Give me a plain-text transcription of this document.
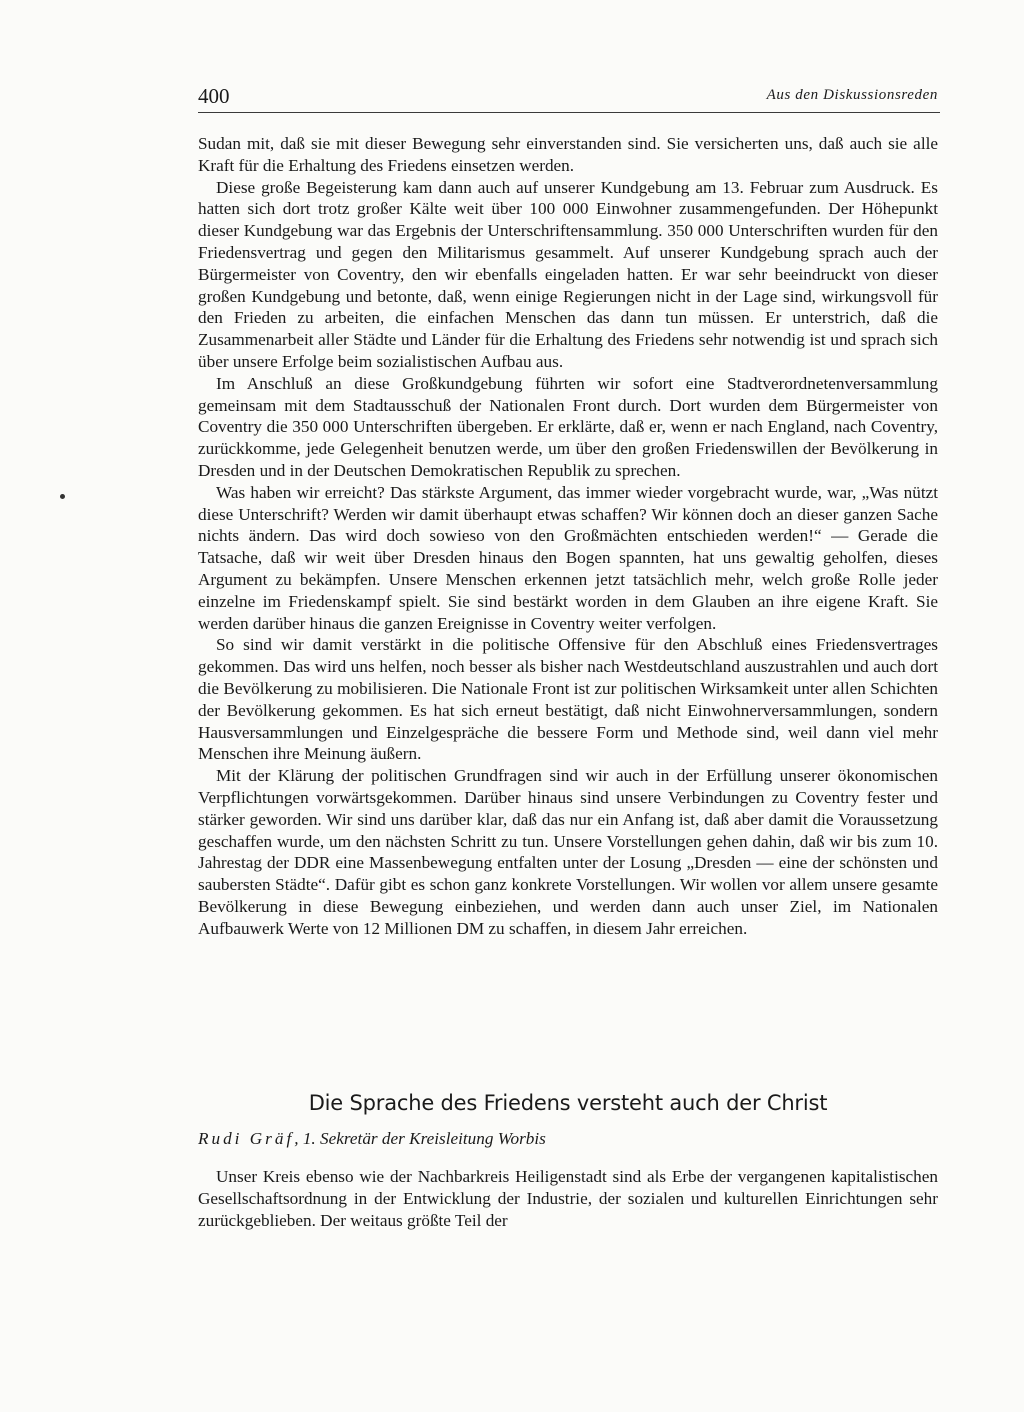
400	Aus den Diskussionsreden

Sudan mit, daß sie mit dieser Bewegung sehr einverstanden sind. Sie versicherten uns, daß auch sie alle Kraft für die Erhaltung des Friedens einsetzen werden.

Diese große Begeisterung kam dann auch auf unserer Kundgebung am 13. Februar zum Ausdruck. Es hatten sich dort trotz großer Kälte weit über 100 000 Einwohner zusammengefunden. Der Höhepunkt dieser Kundgebung war das Ergebnis der Unterschriftensammlung. 350 000 Unterschriften wurden für den Friedensvertrag und gegen den Militarismus gesammelt. Auf unserer Kundgebung sprach auch der Bürgermeister von Coventry, den wir ebenfalls eingeladen hatten. Er war sehr beeindruckt von dieser großen Kundgebung und betonte, daß, wenn einige Regierungen nicht in der Lage sind, wirkungsvoll für den Frieden zu arbeiten, die einfachen Menschen das dann tun müssen. Er unterstrich, daß die Zusammenarbeit aller Städte und Länder für die Erhaltung des Friedens sehr notwendig ist und sprach sich über unsere Erfolge beim sozialistischen Aufbau aus.

Im Anschluß an diese Großkundgebung führten wir sofort eine Stadtverordnetenversammlung gemeinsam mit dem Stadtausschuß der Nationalen Front durch. Dort wurden dem Bürgermeister von Coventry die 350 000 Unterschriften übergeben. Er erklärte, daß er, wenn er nach England, nach Coventry, zurückkomme, jede Gelegenheit benutzen werde, um über den großen Friedenswillen der Bevölkerung in Dresden und in der Deutschen Demokratischen Republik zu sprechen.

Was haben wir erreicht? Das stärkste Argument, das immer wieder vorgebracht wurde, war, „Was nützt diese Unterschrift? Werden wir damit überhaupt etwas schaffen? Wir können doch an dieser ganzen Sache nichts ändern. Das wird doch sowieso von den Großmächten entschieden werden!“ — Gerade die Tatsache, daß wir weit über Dresden hinaus den Bogen spannten, hat uns gewaltig geholfen, dieses Argument zu bekämpfen. Unsere Menschen erkennen jetzt tatsächlich mehr, welch große Rolle jeder einzelne im Friedenskampf spielt. Sie sind bestärkt worden in dem Glauben an ihre eigene Kraft. Sie werden darüber hinaus die ganzen Ereignisse in Coventry weiter verfolgen.

So sind wir damit verstärkt in die politische Offensive für den Abschluß eines Friedensvertrages gekommen. Das wird uns helfen, noch besser als bisher nach Westdeutschland auszustrahlen und auch dort die Bevölkerung zu mobilisieren. Die Nationale Front ist zur politischen Wirksamkeit unter allen Schichten der Bevölkerung gekommen. Es hat sich erneut bestätigt, daß nicht Einwohnerversammlungen, sondern Hausversammlungen und Einzelgespräche die bessere Form und Methode sind, weil dann viel mehr Menschen ihre Meinung äußern.

Mit der Klärung der politischen Grundfragen sind wir auch in der Erfüllung unserer ökonomischen Verpflichtungen vorwärtsgekommen. Darüber hinaus sind unsere Verbindungen zu Coventry fester und stärker geworden. Wir sind uns darüber klar, daß das nur ein Anfang ist, daß aber damit die Voraussetzung geschaffen wurde, um den nächsten Schritt zu tun. Unsere Vorstellungen gehen dahin, daß wir bis zum 10. Jahrestag der DDR eine Massenbewegung entfalten unter der Losung „Dresden — eine der schönsten und saubersten Städte“. Dafür gibt es schon ganz konkrete Vorstellungen. Wir wollen vor allem unsere gesamte Bevölkerung in diese Bewegung einbeziehen, und werden dann auch unser Ziel, im Nationalen Aufbauwerk Werte von 12 Millionen DM zu schaffen, in diesem Jahr erreichen.

Die Sprache des Friedens versteht auch der Christ
Rudi Gräf, 1. Sekretär der Kreisleitung Worbis

Unser Kreis ebenso wie der Nachbarkreis Heiligenstadt sind als Erbe der vergangenen kapitalistischen Gesellschaftsordnung in der Entwicklung der Industrie, der sozialen und kulturellen Einrichtungen sehr zurückgeblieben. Der weitaus größte Teil der
